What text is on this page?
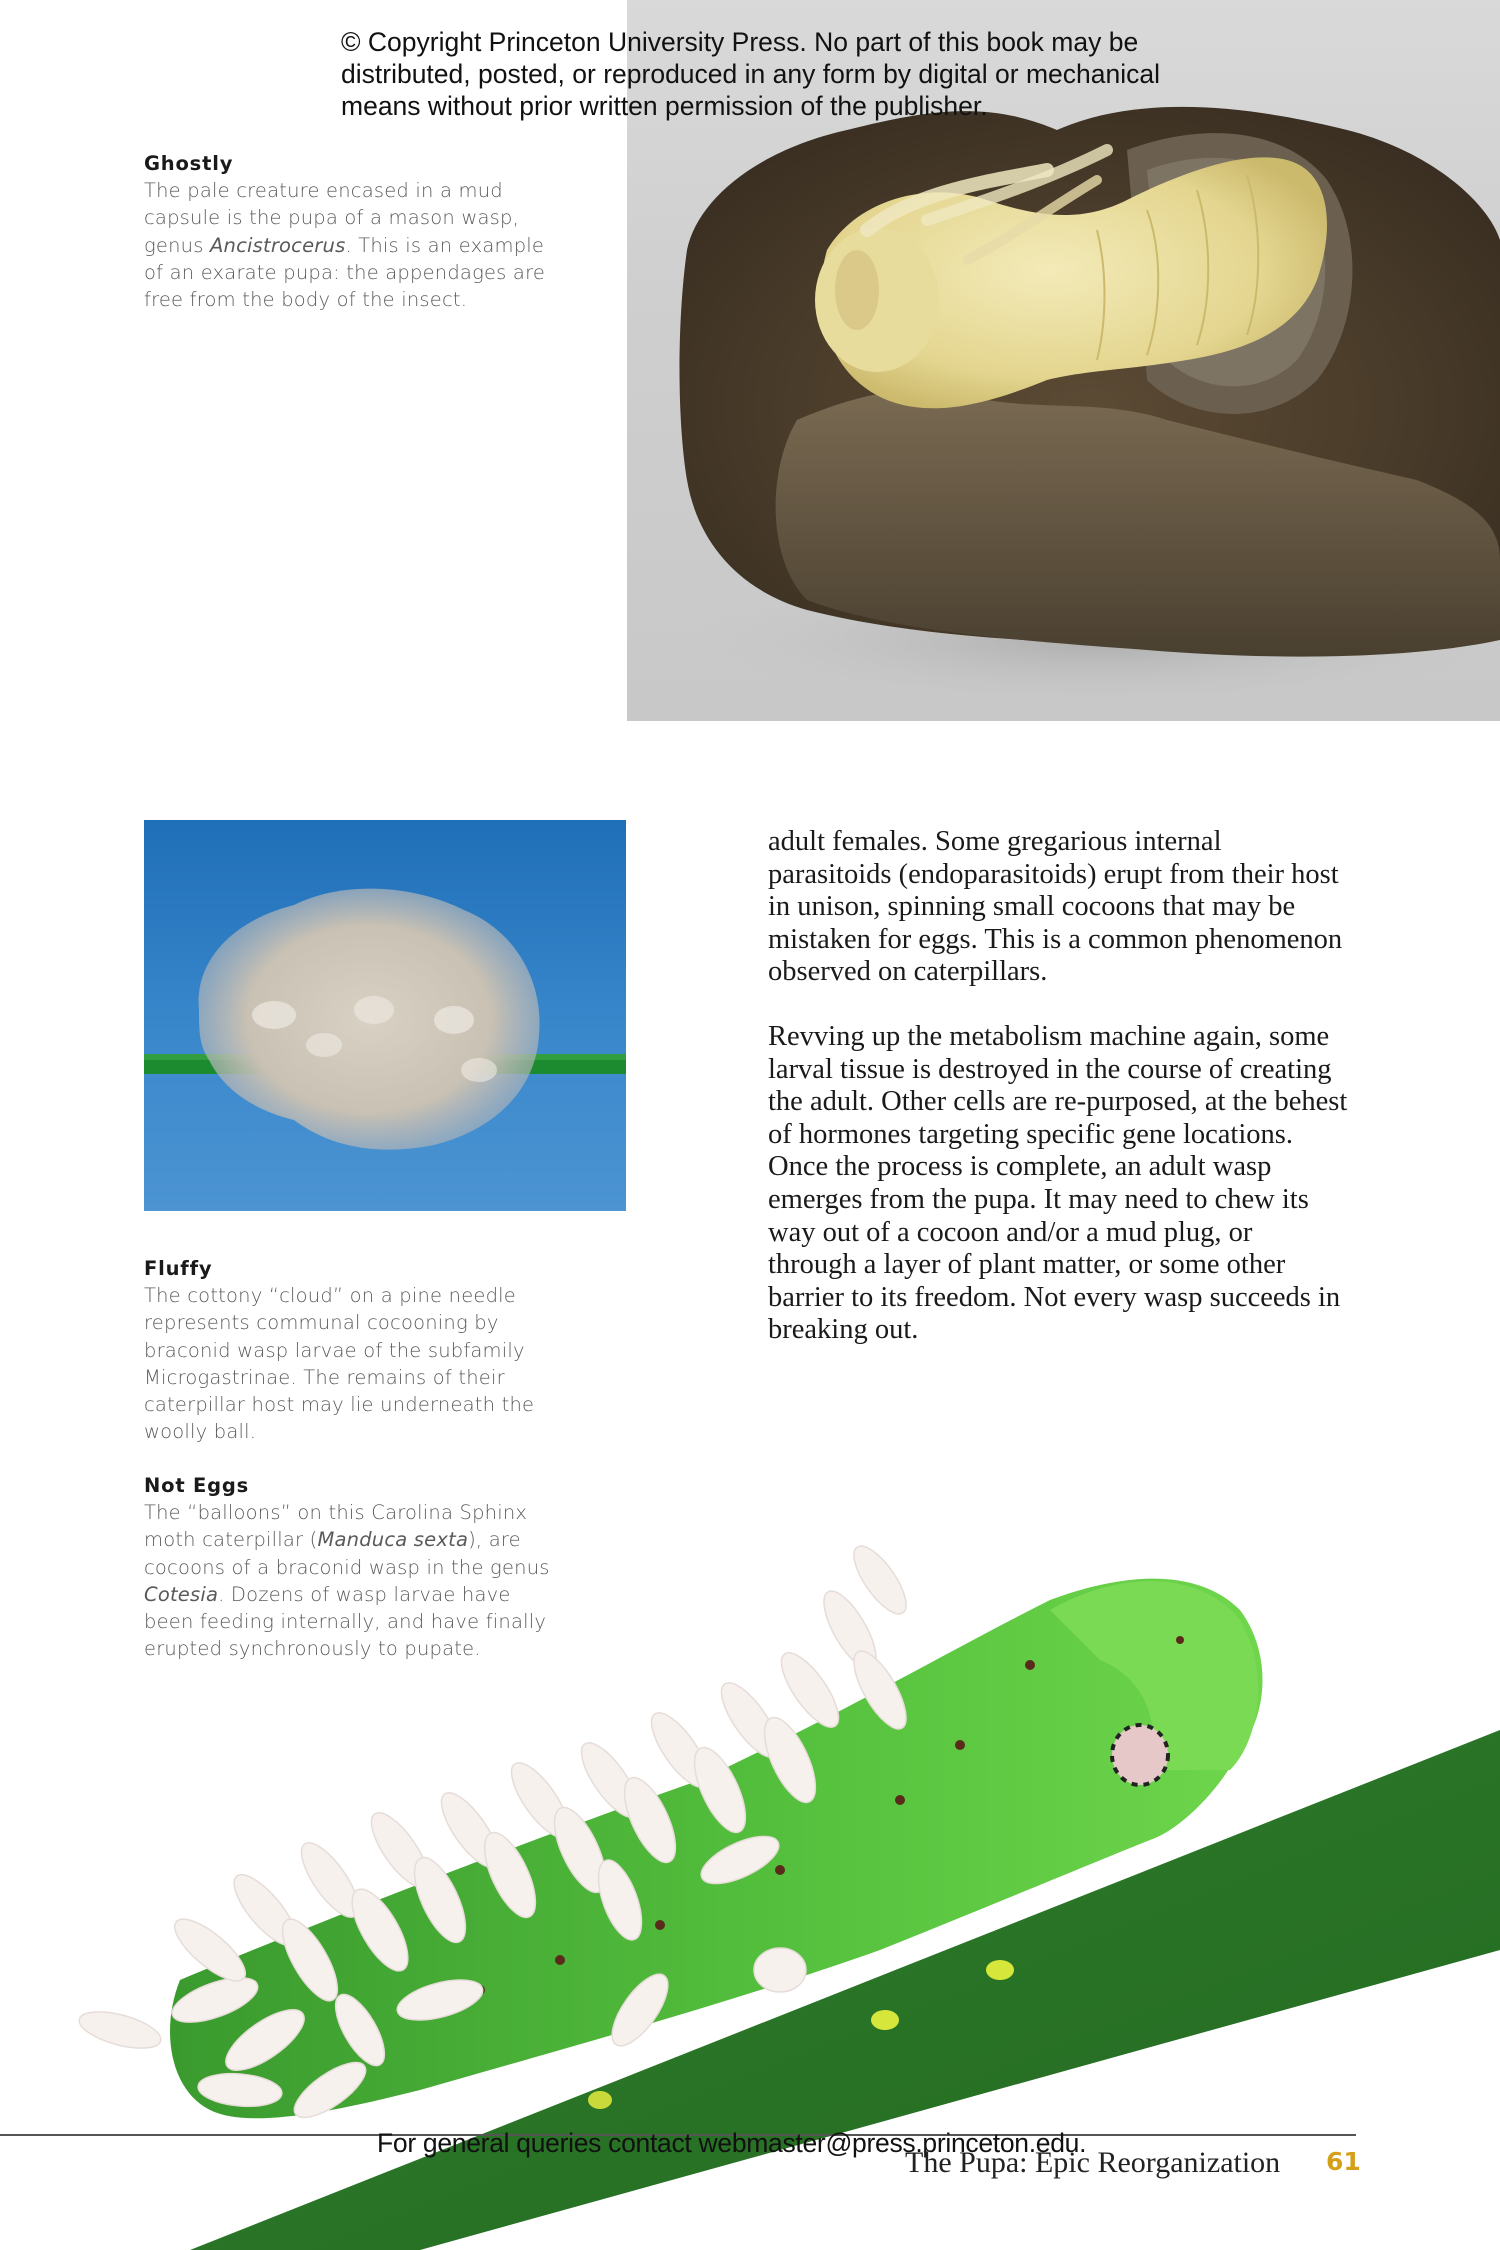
© Copyright Princeton University Press. No part of this book may be
distributed, posted, or reproduced in any form by digital or mechanical
means without prior written permission of the publisher.
Ghostly
The pale creature encased in a mud capsule is the pupa of a mason wasp, genus Ancistrocerus. This is an example of an exarate pupa: the appendages are free from the body of the insect.

adult females. Some gregarious internal parasitoids (endoparasitoids) erupt from their host in unison, spinning small cocoons that may be mistaken for eggs. This is a common phenomenon observed on caterpillars.

Revving up the metabolism machine again, some larval tissue is destroyed in the course of creating the adult. Other cells are re-purposed, at the behest of hormones targeting specific gene locations. Once the process is complete, an adult wasp emerges from the pupa. It may need to chew its way out of a cocoon and/or a mud plug, or through a layer of plant matter, or some other barrier to its freedom. Not every wasp succeeds in breaking out.

Fluffy
The cottony “cloud” on a pine needle represents communal cocooning by braconid wasp larvae of the subfamily Microgastrinae. The remains of their caterpillar host may lie underneath the woolly ball.
Not Eggs
The “balloons” on this Carolina Sphinx moth caterpillar (Manduca sexta), are cocoons of a braconid wasp in the genus Cotesia. Dozens of wasp larvae have been feeding internally, and have finally erupted synchronously to pupate.
For general queries contact webmaster@press.princeton.edu.
The Pupa: Epic Reorganization 61
